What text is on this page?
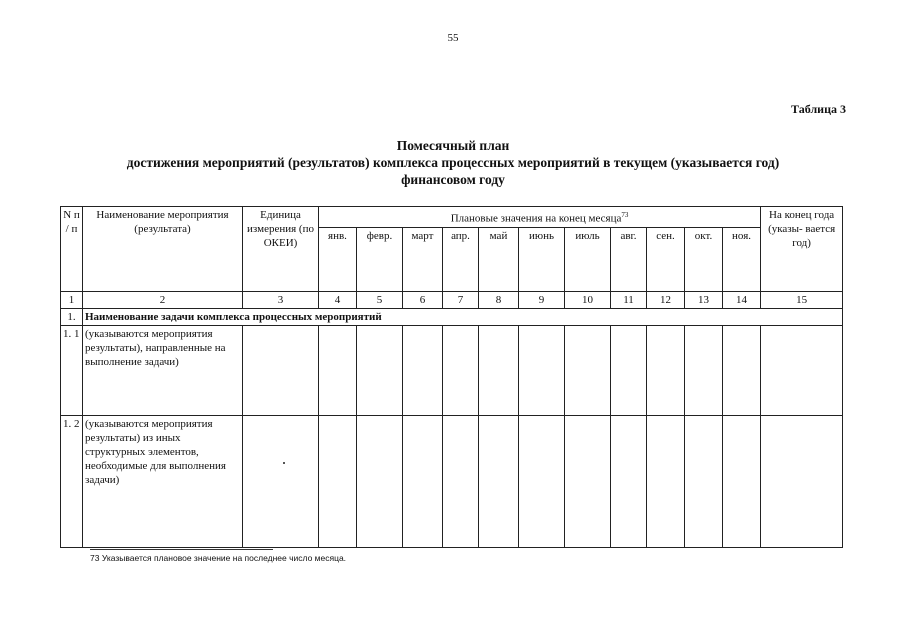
55
Таблица 3
Помесячный план
достижения мероприятий (результатов) комплекса процессных мероприятий в текущем (указывается год)
финансовом году
N п / п	Наименование мероприятия (результата)	Единица измерения (по ОКЕИ)	Плановые значения на конец месяца$^{73}$											На конец года (указы- вается год)
			янв.	февр.	март	апр.	май	июнь	июль	авг.	сен.	окт.	ноя.	
1	2	3	4	5	6	7	8	9	10	11	12	13	14	15
1.	Наименование задачи комплекса процессных мероприятий													
1. 1	(указываются мероприятия результаты), направленные на выполнение задачи)													
1. 2	(указываются мероприятия результаты) из иных структурных элементов, необходимые для выполнения задачи)													
73 Указывается плановое значение на последнее число месяца.
